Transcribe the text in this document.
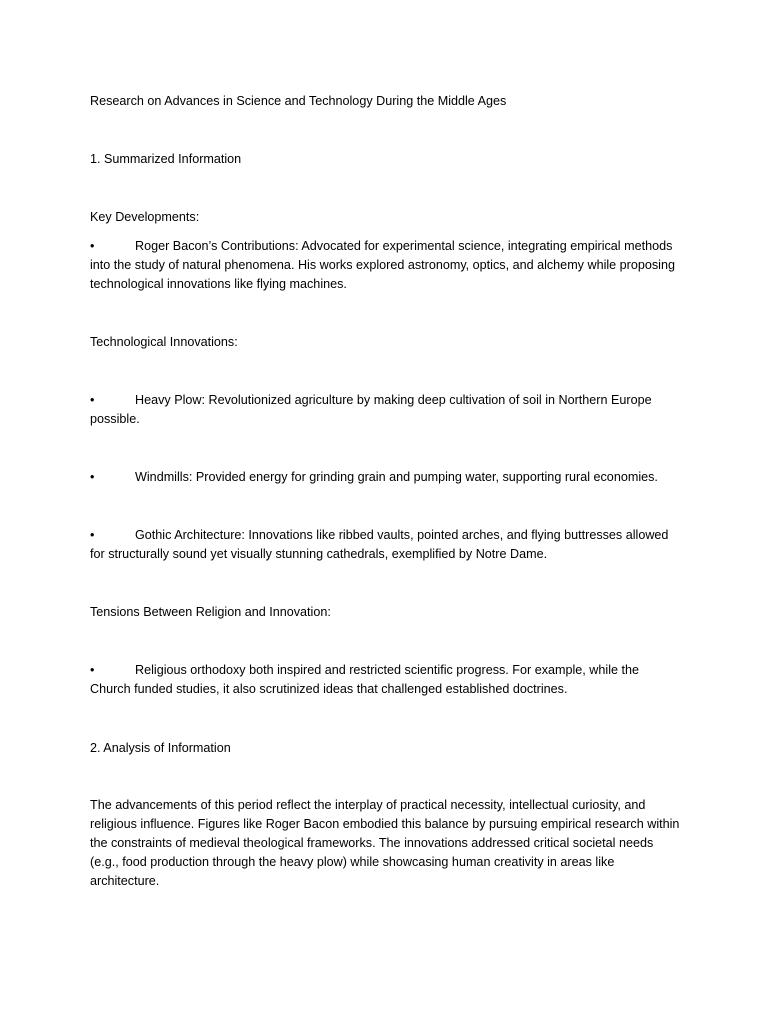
Research on Advances in Science and Technology During the Middle Ages
1. Summarized Information
Key Developments:
•	Roger Bacon’s Contributions: Advocated for experimental science, integrating empirical methods into the study of natural phenomena. His works explored astronomy, optics, and alchemy while proposing technological innovations like flying machines.
Technological Innovations:
•	Heavy Plow: Revolutionized agriculture by making deep cultivation of soil in Northern Europe possible.
•	Windmills: Provided energy for grinding grain and pumping water, supporting rural economies.
•	Gothic Architecture: Innovations like ribbed vaults, pointed arches, and flying buttresses allowed for structurally sound yet visually stunning cathedrals, exemplified by Notre Dame.
Tensions Between Religion and Innovation:
•	Religious orthodoxy both inspired and restricted scientific progress. For example, while the Church funded studies, it also scrutinized ideas that challenged established doctrines.
2. Analysis of Information
The advancements of this period reflect the interplay of practical necessity, intellectual curiosity, and religious influence. Figures like Roger Bacon embodied this balance by pursuing empirical research within the constraints of medieval theological frameworks. The innovations addressed critical societal needs (e.g., food production through the heavy plow) while showcasing human creativity in areas like architecture.
